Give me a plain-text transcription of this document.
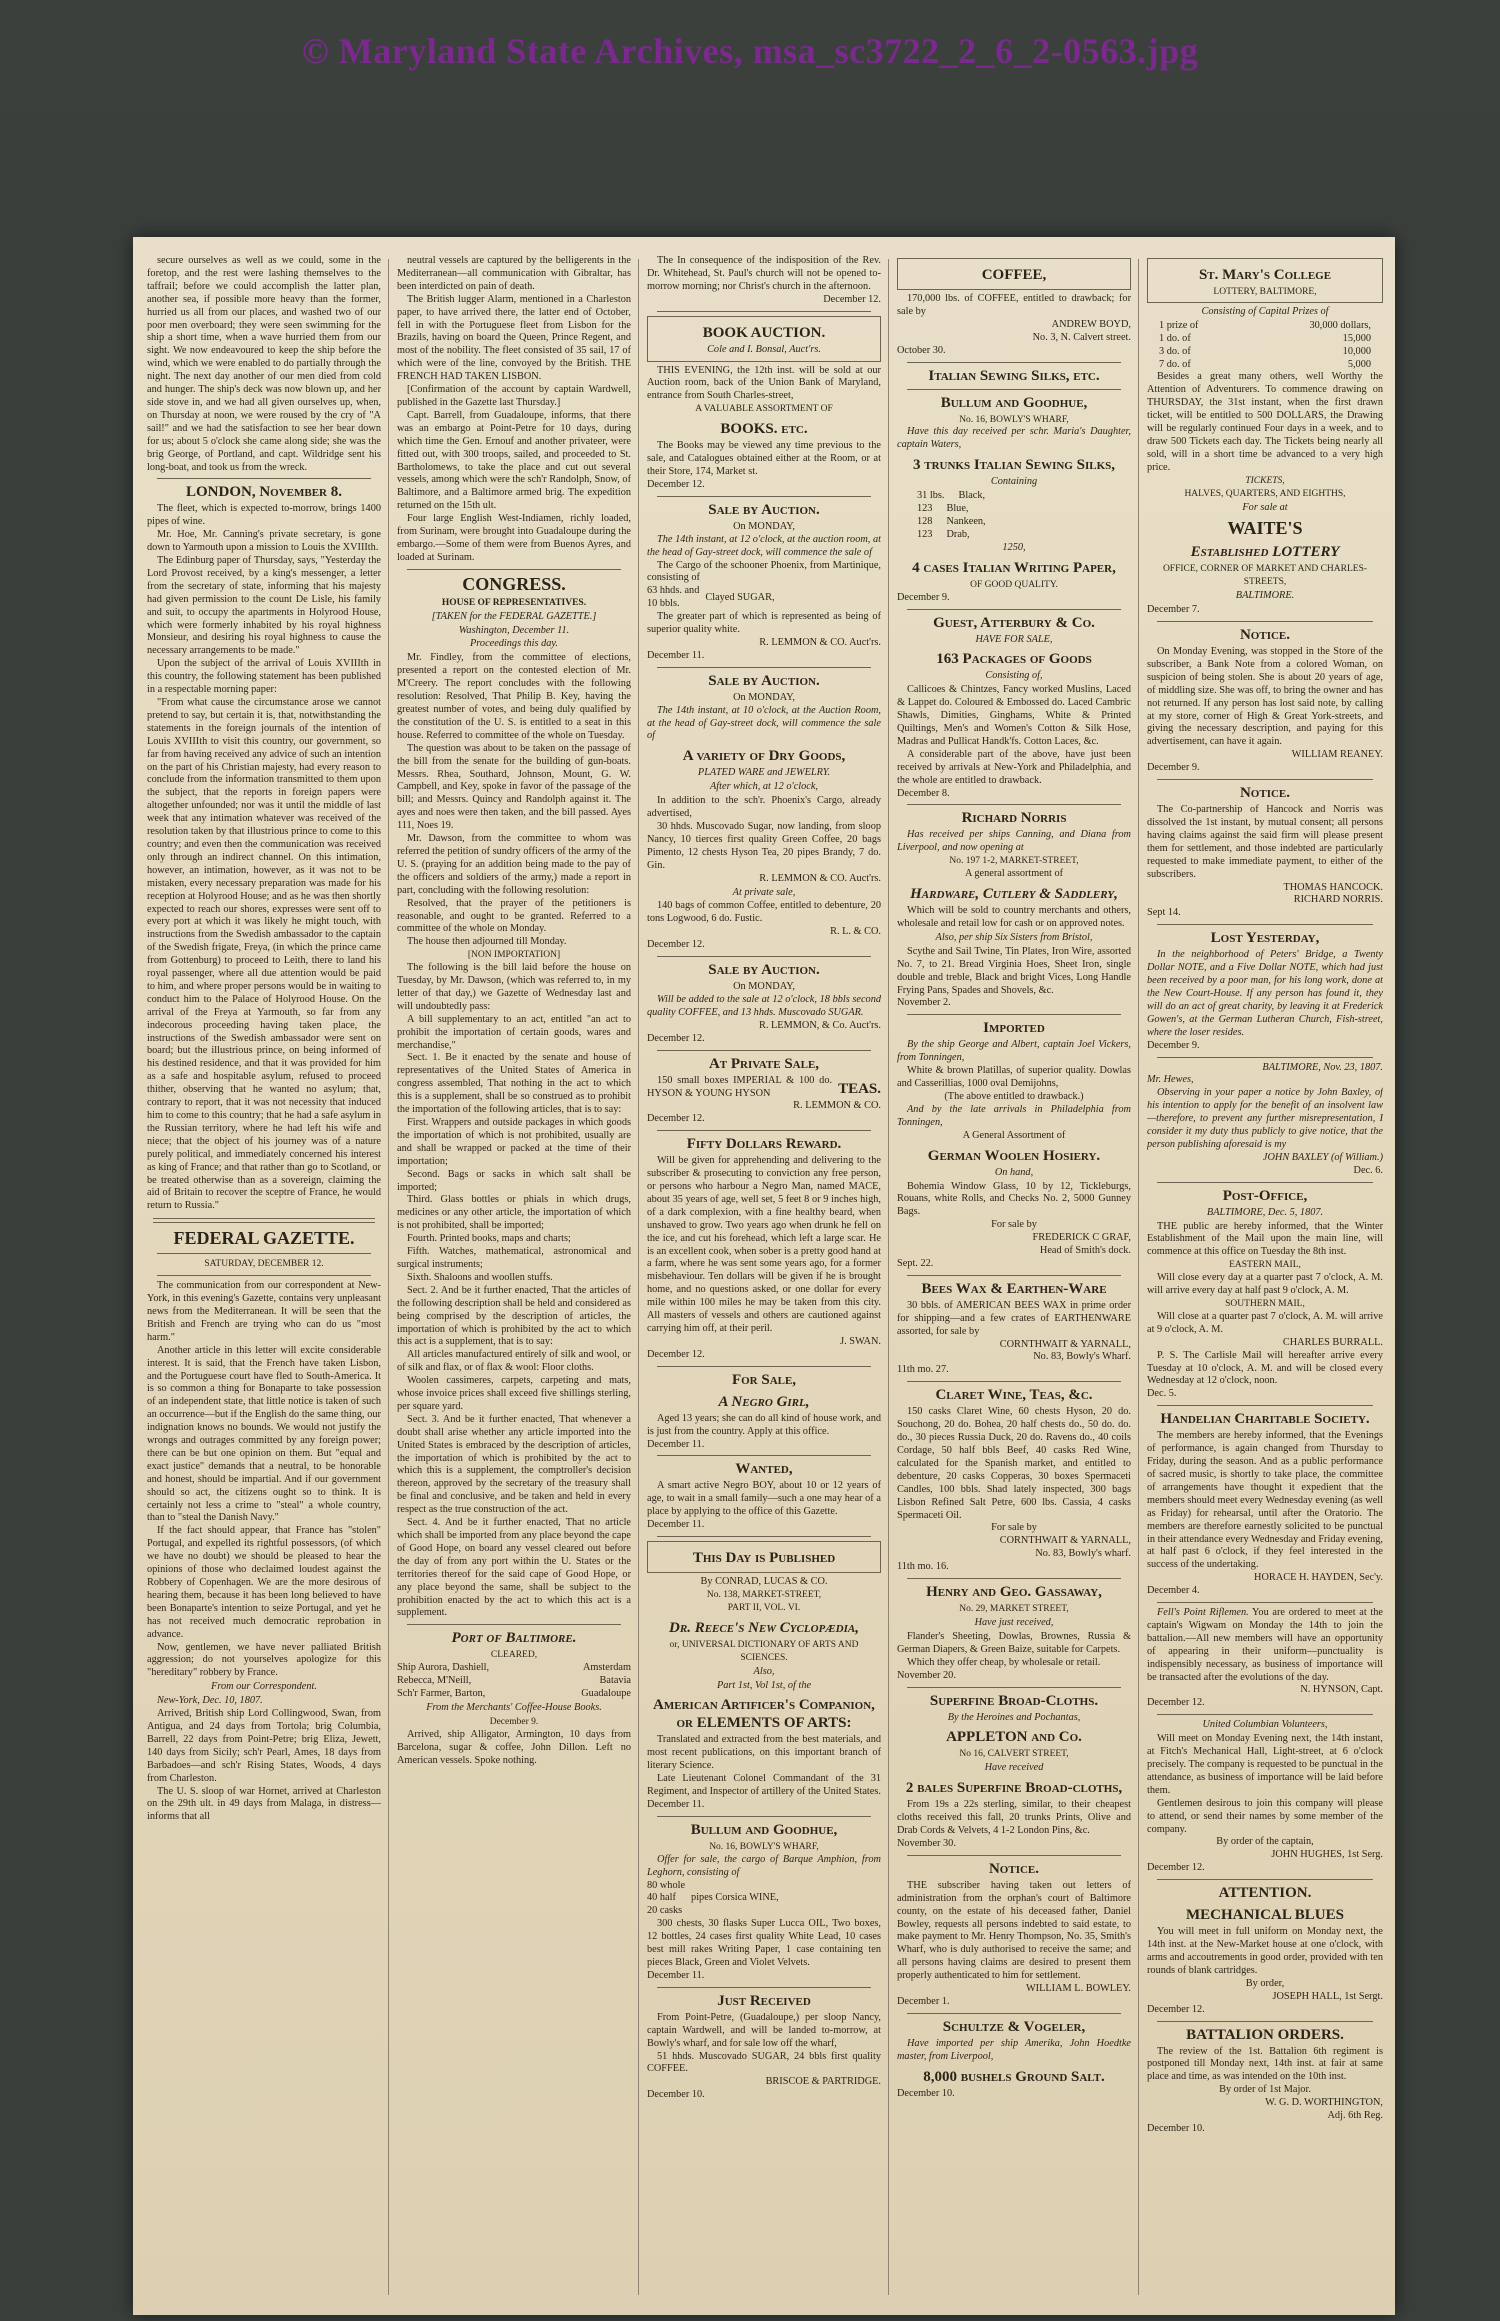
© Maryland State Archives, msa_sc3722_2_6_2-0563.jpg

secure ourselves as well as we could, some in the foretop, and the rest were lashing themselves to the taffrail; before we could accomplish the latter plan, another sea, if possible more heavy than the former, hurried us all from our places, and washed two of our poor men overboard; they were seen swimming for the ship a short time, when a wave hurried them from our sight. We now endeavoured to keep the ship before the wind, which we were enabled to do partially through the night. The next day another of our men died from cold and hunger. The ship's deck was now blown up, and her side stove in, and we had all given ourselves up, when, on Thursday at noon, we were roused by the cry of "A sail!" and we had the satisfaction to see her bear down for us; about 5 o'clock she came along side; she was the brig George, of Portland, and capt. Wildridge sent his long-boat, and took us from the wreck.

LONDON, November 8.

The fleet, which is expected to-morrow, brings 1400 pipes of wine.

Mr. Hoe, Mr. Canning's private secretary, is gone down to Yarmouth upon a mission to Louis the XVIIIth.

The Edinburg paper of Thursday, says, "Yesterday the Lord Provost received, by a king's messenger, a letter from the secretary of state, informing that his majesty had given permission to the count De Lisle, his family and suit, to occupy the apartments in Holyrood House, which were formerly inhabited by his royal highness Monsieur, and desiring his royal highness to cause the necessary arrangements to be made."

Upon the subject of the arrival of Louis XVIIIth in this country, the following statement has been published in a respectable morning paper:

"From what cause the circumstance arose we cannot pretend to say, but certain it is, that, notwithstanding the statements in the foreign journals of the intention of Louis XVIIIth to visit this country, our government, so far from having received any advice of such an intention on the part of his Christian majesty, had every reason to conclude from the information transmitted to them upon the subject, that the reports in foreign papers were altogether unfounded; nor was it until the middle of last week that any intimation whatever was received of the resolution taken by that illustrious prince to come to this country; and even then the communication was received only through an indirect channel. On this intimation, however, an intimation, however, as it was not to be mistaken, every necessary preparation was made for his reception at Holyrood House; and as he was then shortly expected to reach our shores, expresses were sent off to every port at which it was likely he might touch, with instructions from the Swedish ambassador to the captain of the Swedish frigate, Freya, (in which the prince came from Gottenburg) to proceed to Leith, there to land his royal passenger, where all due attention would be paid to him, and where proper persons would be in waiting to conduct him to the Palace of Holyrood House. On the arrival of the Freya at Yarmouth, so far from any indecorous proceeding having taken place, the instructions of the Swedish ambassador were sent on board; but the illustrious prince, on being informed of his destined residence, and that it was provided for him as a safe and hospitable asylum, refused to proceed thither, observing that he wanted no asylum; that, contrary to report, that it was not necessity that induced him to come to this country; that he had a safe asylum in the Russian territory, where he had left his wife and niece; that the object of his journey was of a nature purely political, and immediately concerned his interest as king of France; and that rather than go to Scotland, or be treated otherwise than as a sovereign, claiming the aid of Britain to recover the sceptre of France, he would return to Russia."

FEDERAL GAZETTE.
SATURDAY, DECEMBER 12.

The communication from our correspondent at New-York, in this evening's Gazette, contains very unpleasant news from the Mediterranean. It will be seen that the British and French are trying who can do us "most harm."

Another article in this letter will excite considerable interest. It is said, that the French have taken Lisbon, and the Portuguese court have fled to South-America. It is so common a thing for Bonaparte to take possession of an independent state, that little notice is taken of such an occurrence—but if the English do the same thing, our indignation knows no bounds. We would not justify the wrongs and outrages committed by any foreign power; there can be but one opinion on them. But "equal and exact justice" demands that a neutral, to be honorable and honest, should be impartial. And if our government should so act, the citizens ought so to think. It is certainly not less a crime to "steal" a whole country, than to "steal the Danish Navy."

If the fact should appear, that France has "stolen" Portugal, and expelled its rightful possessors, (of which we have no doubt) we should be pleased to hear the opinions of those who declaimed loudest against the Robbery of Copenhagen. We are the more desirous of hearing them, because it has been long believed to have been Bonaparte's intention to seize Portugal, and yet he has not received much democratic reprobation in advance.

Now, gentlemen, we have never palliated British aggression; do not yourselves apologize for this "hereditary" robbery by France.

From our Correspondent.

New-York, Dec. 10, 1807.

Arrived, British ship Lord Collingwood, Swan, from Antigua, and 24 days from Tortola; brig Columbia, Barrell, 22 days from Point-Petre; brig Eliza, Jewett, 140 days from Sicily; sch'r Pearl, Ames, 18 days from Barbadoes—and sch'r Rising States, Woods, 4 days from Charleston.

The U. S. sloop of war Hornet, arrived at Charleston on the 29th ult. in 49 days from Malaga, in distress—informs that all

neutral vessels are captured by the belligerents in the Mediterranean—all communication with Gibraltar, has been interdicted on pain of death.

The British lugger Alarm, mentioned in a Charleston paper, to have arrived there, the latter end of October, fell in with the Portuguese fleet from Lisbon for the Brazils, having on board the Queen, Prince Regent, and most of the nobility. The fleet consisted of 35 sail, 17 of which were of the line, convoyed by the British. THE FRENCH HAD TAKEN LISBON.

[Confirmation of the account by captain Wardwell, published in the Gazette last Thursday.]

Capt. Barrell, from Guadaloupe, informs, that there was an embargo at Point-Petre for 10 days, during which time the Gen. Ernouf and another privateer, were fitted out, with 300 troops, sailed, and proceeded to St. Bartholomews, to take the place and cut out several vessels, among which were the sch'r Randolph, Snow, of Baltimore, and a Baltimore armed brig. The expedition returned on the 15th ult.

Four large English West-Indiamen, richly loaded, from Surinam, were brought into Guadaloupe during the embargo.—Some of them were from Buenos Ayres, and loaded at Surinam.

CONGRESS.
HOUSE OF REPRESENTATIVES.
[TAKEN for the FEDERAL GAZETTE.]
Washington, December 11.
Proceedings this day.

Mr. Findley, from the committee of elections, presented a report on the contested election of Mr. M'Creery. The report concludes with the following resolution: Resolved, That Philip B. Key, having the greatest number of votes, and being duly qualified by the constitution of the U. S. is entitled to a seat in this house. Referred to committee of the whole on Tuesday.

The question was about to be taken on the passage of the bill from the senate for the building of gun-boats. Messrs. Rhea, Southard, Johnson, Mount, G. W. Campbell, and Key, spoke in favor of the passage of the bill; and Messrs. Quincy and Randolph against it. The ayes and noes were then taken, and the bill passed. Ayes 111, Noes 19.

Mr. Dawson, from the committee to whom was referred the petition of sundry officers of the army of the U. S. (praying for an addition being made to the pay of the officers and soldiers of the army,) made a report in part, concluding with the following resolution:

Resolved, that the prayer of the petitioners is reasonable, and ought to be granted. Referred to a committee of the whole on Monday.

The house then adjourned till Monday.

[NON IMPORTATION]

The following is the bill laid before the house on Tuesday, by Mr. Dawson, (which was referred to, in my letter of that day,) we Gazette of Wednesday last and will undoubtedly pass:

A bill supplementary to an act, entitled "an act to prohibit the importation of certain goods, wares and merchandise,"

Sect. 1. Be it enacted by the senate and house of representatives of the United States of America in congress assembled, That nothing in the act to which this is a supplement, shall be so construed as to prohibit the importation of the following articles, that is to say:

First. Wrappers and outside packages in which goods the importation of which is not prohibited, usually are and shall be wrapped or packed at the time of their importation;

Second. Bags or sacks in which salt shall be imported;

Third. Glass bottles or phials in which drugs, medicines or any other article, the importation of which is not prohibited, shall be imported;

Fourth. Printed books, maps and charts;

Fifth. Watches, mathematical, astronomical and surgical instruments;

Sixth. Shaloons and woollen stuffs.

Sect. 2. And be it further enacted, That the articles of the following description shall be held and considered as being comprised by the description of articles, the importation of which is prohibited by the act to which this act is a supplement, that is to say:

All articles manufactured entirely of silk and wool, or of silk and flax, or of flax & wool: Floor cloths.

Woolen cassimeres, carpets, carpeting and mats, whose invoice prices shall exceed five shillings sterling, per square yard.

Sect. 3. And be it further enacted, That whenever a doubt shall arise whether any article imported into the United States is embraced by the description of articles, the importation of which is prohibited by the act to which this is a supplement, the comptroller's decision thereon, approved by the secretary of the treasury shall be final and conclusive, and be taken and held in every respect as the true construction of the act.

Sect. 4. And be it further enacted, That no article which shall be imported from any place beyond the cape of Good Hope, on board any vessel cleared out before the day of from any port within the U. States or the territories thereof for the said cape of Good Hope, or any place beyond the same, shall be subject to the prohibition enacted by the act to which this act is a supplement.

Port of Baltimore.
CLEARED,
Ship Aurora, Dashiell,	Amsterdam
Rebecca, M'Neill,	Batavia
Sch'r Farmer, Barton,	Guadaloupe
From the Merchants' Coffee-House Books.
December 9.

Arrived, ship Alligator, Armington, 10 days from Barcelona, sugar & coffee, John Dillon. Left no American vessels. Spoke nothing.

The In consequence of the indisposition of the Rev. Dr. Whitehead, St. Paul's church will not be opened to-morrow morning; nor Christ's church in the afternoon.

December 12.
BOOK AUCTION.
Cole and I. Bonsal, Auct'rs.

THIS EVENING, the 12th inst. will be sold at our Auction room, back of the Union Bank of Maryland, entrance from South Charles-street,

A VALUABLE ASSORTMENT OF
BOOKS. etc.

The Books may be viewed any time previous to the sale, and Catalogues obtained either at the Room, or at their Store, 174, Market st.

December 12.
Sale by Auction.
On MONDAY,

The 14th instant, at 12 o'clock, at the auction room, at the head of Gay-street dock, will commence the sale of

The Cargo of the schooner Phoenix, from Martinique, consisting of

63 hhds. and
10 bbls.
Clayed SUGAR,

The greater part of which is represented as being of superior quality white.

R. LEMMON & CO. Auct'rs.
December 11.
Sale by Auction.
On MONDAY,

The 14th instant, at 10 o'clock, at the Auction Room, at the head of Gay-street dock, will commence the sale of

A variety of Dry Goods,
PLATED WARE and JEWELRY.
After which, at 12 o'clock,

In addition to the sch'r. Phoenix's Cargo, already advertised,

30 hhds. Muscovado Sugar, now landing, from sloop Nancy, 10 tierces first quality Green Coffee, 20 bags Pimento, 12 chests Hyson Tea, 20 pipes Brandy, 7 do. Gin.

R. LEMMON & CO. Auct'rs.
At private sale,

140 bags of common Coffee, entitled to debenture, 20 tons Logwood, 6 do. Fustic.

R. L. & CO.
December 12.
Sale by Auction.
On MONDAY,

Will be added to the sale at 12 o'clock, 18 bbls second quality COFFEE, and 13 hhds. Muscovado SUGAR.

R. LEMMON, & Co. Auct'rs.
December 12.
At Private Sale,

150 small boxes IMPERIAL & 100 do. HYSON & YOUNG HYSON	TEAS.
R. LEMMON & CO.
December 12.
Fifty Dollars Reward.

Will be given for apprehending and delivering to the subscriber & prosecuting to conviction any free person, or persons who harbour a Negro Man, named MACE, about 35 years of age, well set, 5 feet 8 or 9 inches high, of a dark complexion, with a fine healthy beard, when unshaved to grow. Two years ago when drunk he fell on the ice, and cut his forehead, which left a large scar. He is an excellent cook, when sober is a pretty good hand at a farm, where he was sent some years ago, for a former misbehaviour. Ten dollars will be given if he is brought home, and no questions asked, or one dollar for every mile within 100 miles he may be taken from this city. All masters of vessels and others are cautioned against carrying him off, at their peril.

J. SWAN.
December 12.
For Sale,
A Negro Girl,

Aged 13 years; she can do all kind of house work, and is just from the country. Apply at this office.

December 11.
Wanted,

A smart active Negro BOY, about 10 or 12 years of age, to wait in a small family—such a one may hear of a place by applying to the office of this Gazette.

December 11.
This Day is Published
By CONRAD, LUCAS & CO.
No. 138, MARKET-STREET,
PART II, VOL. VI.
Dr. Reece's New Cyclopædia,
or, UNIVERSAL DICTIONARY OF ARTS AND SCIENCES.
Also,
Part 1st, Vol 1st, of the
American Artificer's Companion, or ELEMENTS OF ARTS:

Translated and extracted from the best materials, and most recent publications, on this important branch of literary Science.

Late Lieutenant Colonel Commandant of the 31 Regiment, and Inspector of artillery of the United States.

December 11.
Bullum and Goodhue,
No. 16, BOWLY'S WHARF,

Offer for sale, the cargo of Barque Amphion, from Leghorn, consisting of

80 whole
40 half
20 casks
pipes Corsica WINE,

300 chests, 30 flasks Super Lucca OIL, Two boxes, 12 bottles, 24 cases first quality White Lead, 10 cases best mill rakes Writing Paper, 1 case containing ten pieces Black, Green and Violet Velvets.

December 11.
Just Received

From Point-Petre, (Guadaloupe,) per sloop Nancy, captain Wardwell, and will be landed to-morrow, at Bowly's wharf, and for sale low off the wharf,

51 hhds. Muscovado SUGAR, 24 bbls first quality COFFEE.

BRISCOE & PARTRIDGE.
December 10.
COFFEE,

170,000 lbs. of COFFEE, entitled to drawback; for sale by

ANDREW BOYD,
No. 3, N. Calvert street.
October 30.
Italian Sewing Silks, etc.
Bullum and Goodhue,
No. 16, BOWLY'S WHARF,

Have this day received per schr. Maria's Daughter, captain Waters,

3 trunks Italian Sewing Silks,
Containing
31 lbs. Black,
123 Blue,
128 Nankeen,
123 Drab,
1250,
4 cases Italian Writing Paper,
OF GOOD QUALITY.
December 9.
Guest, Atterbury & Co.
HAVE FOR SALE,
163 Packages of Goods
Consisting of,

Callicoes & Chintzes, Fancy worked Muslins, Laced & Lappet do. Coloured & Embossed do. Laced Cambric Shawls, Dimities, Ginghams, White & Printed Quiltings, Men's and Women's Cotton & Silk Hose, Madras and Pullicat Handk'fs. Cotton Laces, &c.

A considerable part of the above, have just been received by arrivals at New-York and Philadelphia, and the whole are entitled to drawback.

December 8.
Richard Norris

Has received per ships Canning, and Diana from Liverpool, and now opening at

No. 197 1-2, MARKET-STREET,
A general assortment of
Hardware, Cutlery & Saddlery,

Which will be sold to country merchants and others, wholesale and retail low for cash or on approved notes.

Also, per ship Six Sisters from Bristol,

Scythe and Sail Twine, Tin Plates, Iron Wire, assorted No. 7, to 21. Bread Virginia Hoes, Sheet Iron, single double and treble, Black and bright Vices, Long Handle Frying Pans, Spades and Shovels, &c.

November 2.
Imported

By the ship George and Albert, captain Joel Vickers, from Tonningen,

White & brown Platillas, of superior quality. Dowlas and Casserillias, 1000 oval Demijohns,

(The above entitled to drawback.)

And by the late arrivals in Philadelphia from Tonningen,

A General Assortment of
German Woolen Hosiery.
On hand,

Bohemia Window Glass, 10 by 12, Tickleburgs, Rouans, white Rolls, and Checks No. 2, 5000 Gunney Bags.

For sale by
FREDERICK C GRAF,
Head of Smith's dock.
Sept. 22.
Bees Wax & Earthen-Ware

30 bbls. of AMERICAN BEES WAX in prime order for shipping—and a few crates of EARTHENWARE assorted, for sale by

CORNTHWAIT & YARNALL,
No. 83, Bowly's Wharf.
11th mo. 27.
Claret Wine, Teas, &c.

150 casks Claret Wine, 60 chests Hyson, 20 do. Souchong, 20 do. Bohea, 20 half chests do., 50 do. do. do., 30 pieces Russia Duck, 20 do. Ravens do., 40 coils Cordage, 50 half bbls Beef, 40 casks Red Wine, calculated for the Spanish market, and entitled to debenture, 20 casks Copperas, 30 boxes Spermaceti Candles, 100 bbls. Shad lately inspected, 300 bags Lisbon Refined Salt Petre, 600 lbs. Cassia, 4 casks Spermaceti Oil.

For sale by
CORNTHWAIT & YARNALL,
No. 83, Bowly's wharf.
11th mo. 16.
Henry and Geo. Gassaway,
No. 29, MARKET STREET,
Have just received,

Flander's Sheeting, Dowlas, Brownes, Russia & German Diapers, & Green Baize, suitable for Carpets.

Which they offer cheap, by wholesale or retail.

November 20.
Superfine Broad-Cloths.
By the Heroines and Pochantas,
APPLETON and Co.
No 16, CALVERT STREET,
Have received
2 bales Superfine Broad-cloths,

From 19s a 22s sterling, similar, to their cheapest cloths received this fall, 20 trunks Prints, Olive and Drab Cords & Velvets, 4 1-2 London Pins, &c.

November 30.
Notice.

THE subscriber having taken out letters of administration from the orphan's court of Baltimore county, on the estate of his deceased father, Daniel Bowley, requests all persons indebted to said estate, to make payment to Mr. Henry Thompson, No. 35, Smith's Wharf, who is duly authorised to receive the same; and all persons having claims are desired to present them properly authenticated to him for settlement.

WILLIAM L. BOWLEY.
December 1.
Schultze & Vogeler,

Have imported per ship Amerika, John Hoedtke master, from Liverpool,

8,000 bushels Ground Salt.
December 10.
St. Mary's College
LOTTERY, BALTIMORE,
Consisting of Capital Prizes of
1 prize of	30,000 dollars,
1 do. of	15,000
3 do. of	10,000
7 do. of	5,000

Besides a great many others, well Worthy the Attention of Adventurers. To commence drawing on THURSDAY, the 31st instant, when the first drawn ticket, will be entitled to 500 DOLLARS, the Drawing will be regularly continued Four days in a week, and to draw 500 Tickets each day. The Tickets being nearly all sold, will in a short time be advanced to a very high price.

TICKETS,
HALVES, QUARTERS, AND EIGHTHS,
For sale at
WAITE'S
Established LOTTERY
OFFICE, CORNER OF MARKET AND CHARLES-STREETS,
BALTIMORE.
December 7.
Notice.

On Monday Evening, was stopped in the Store of the subscriber, a Bank Note from a colored Woman, on suspicion of being stolen. She is about 20 years of age, of middling size. She was off, to bring the owner and has not returned. If any person has lost said note, by calling at my store, corner of High & Great York-streets, and giving the necessary description, and paying for this advertisement, can have it again.

WILLIAM REANEY.
December 9.
Notice.

The Co-partnership of Hancock and Norris was dissolved the 1st instant, by mutual consent; all persons having claims against the said firm will please present them for settlement, and those indebted are particularly requested to make immediate payment, to either of the subscribers.

THOMAS HANCOCK.
RICHARD NORRIS.
Sept 14.
Lost Yesterday,

In the neighborhood of Peters' Bridge, a Twenty Dollar NOTE, and a Five Dollar NOTE, which had just been received by a poor man, for his long work, done at the New Court-House. If any person has found it, they will do an act of great charity, by leaving it at Frederick Gowen's, at the German Lutheran Church, Fish-street, where the loser resides.

December 9.
BALTIMORE, Nov. 23, 1807.
Mr. Hewes,

Observing in your paper a notice by John Baxley, of his intention to apply for the benefit of an insolvent law—therefore, to prevent any further misrepresentation, I consider it my duty thus publicly to give notice, that the person publishing aforesaid is my

JOHN BAXLEY (of William.)
Dec. 6.
Post-Office,
BALTIMORE, Dec. 5, 1807.

THE public are hereby informed, that the Winter Establishment of the Mail upon the main line, will commence at this office on Tuesday the 8th inst.

EASTERN MAIL,

Will close every day at a quarter past 7 o'clock, A. M. will arrive every day at half past 9 o'clock, A. M.

SOUTHERN MAIL,

Will close at a quarter past 7 o'clock, A. M. will arrive at 9 o'clock, A. M.

CHARLES BURRALL.

P. S. The Carlisle Mail will hereafter arrive every Tuesday at 10 o'clock, A. M. and will be closed every Wednesday at 12 o'clock, noon.

Dec. 5.
Handelian Charitable Society.

The members are hereby informed, that the Evenings of performance, is again changed from Thursday to Friday, during the season. And as a public performance of sacred music, is shortly to take place, the committee of arrangements have thought it expedient that the members should meet every Wednesday evening (as well as Friday) for rehearsal, until after the Oratorio. The members are therefore earnestly solicited to be punctual in their attendance every Wednesday and Friday evening, at half past 6 o'clock, if they feel interested in the success of the undertaking.

HORACE H. HAYDEN, Sec'y.
December 4.

Fell's Point Riflemen. You are ordered to meet at the captain's Wigwam on Monday the 14th to join the battalion.—All new members will have an opportunity of appearing in their uniform—punctuality is indispensibly necessary, as business of importance will be transacted after the evolutions of the day.

N. HYNSON, Capt.
December 12.
United Columbian Volunteers,

Will meet on Monday Evening next, the 14th instant, at Fitch's Mechanical Hall, Light-street, at 6 o'clock precisely. The company is requested to be punctual in the attendance, as business of importance will be laid before them.

Gentlemen desirous to join this company will please to attend, or send their names by some member of the company.

By order of the captain,
JOHN HUGHES, 1st Serg.
December 12.
ATTENTION.
MECHANICAL BLUES

You will meet in full uniform on Monday next, the 14th inst. at the New-Market house at one o'clock, with arms and accoutrements in good order, provided with ten rounds of blank cartridges.

By order,
JOSEPH HALL, 1st Sergt.
December 12.
BATTALION ORDERS.

The review of the 1st. Battalion 6th regiment is postponed till Monday next, 14th inst. at fair at same place and time, as was intended on the 10th inst.

By order of 1st Major.
W. G. D. WORTHINGTON,
Adj. 6th Reg.
December 10.
